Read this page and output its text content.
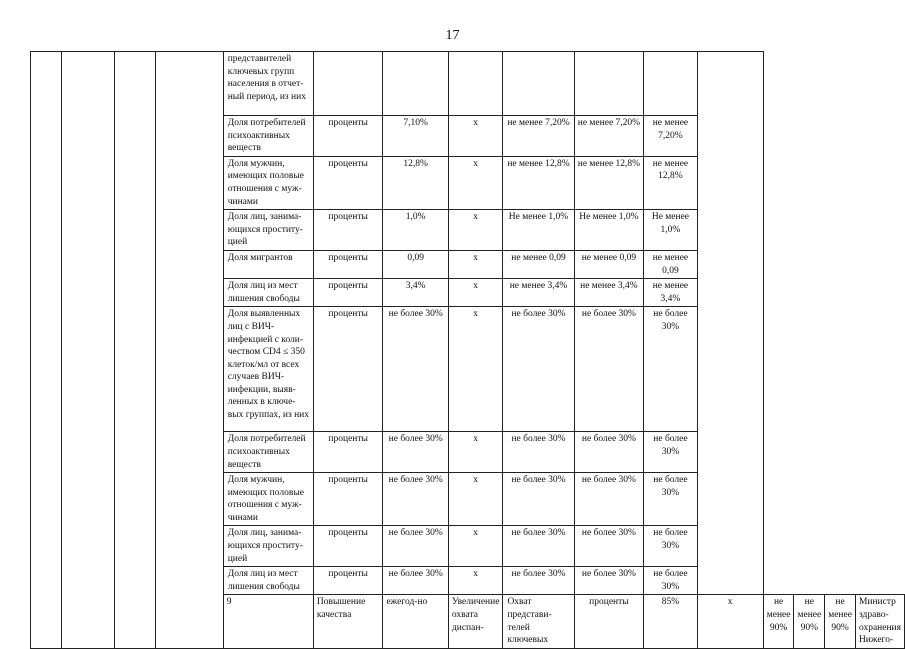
17
				представителей ключевых групп населения в отчет-ный период, из них											
				Доля потребителей психоактивных веществ	проценты	7,10%	x	не менее 7,20%	не менее 7,20%	не менее 7,20%					
				Доля мужчин, имеющих половые отношения с муж-чинами	проценты	12,8%	x	не менее 12,8%	не менее 12,8%	не менее 12,8%					
				Доля лиц, занима-ющихся проститу-цией	проценты	1,0%	x	Не менее 1,0%	Не менее 1,0%	Не менее 1,0%					
				Доля мигрантов	проценты	0,09	x	не менее 0,09	не менее 0,09	не менее 0,09					
				Доля лиц из мест лишения свободы	проценты	3,4%	x	не менее 3,4%	не менее 3,4%	не менее 3,4%					
				Доля выявленных лиц с ВИЧ-инфекцией с коли-чеством CD4 ≤ 350 клеток/мл от всех случаев ВИЧ-инфекции, выяв-ленных в ключе-вых группах, из них	проценты	не более 30%	x	не более 30%	не более 30%	не более 30%					
				Доля потребителей психоактивных веществ	проценты	не более 30%	x	не более 30%	не более 30%	не более 30%					
				Доля мужчин, имеющих половые отношения с муж-чинами	проценты	не более 30%	x	не более 30%	не более 30%	не более 30%					
				Доля лиц, занима-ющихся проститу-цией	проценты	не более 30%	x	не более 30%	не более 30%	не более 30%					
				Доля лиц из мест лишения свободы	проценты	не более 30%	x	не более 30%	не более 30%	не более 30%					
				9	Повышение качества	ежегод-но	Увеличение охвата диспан-	Охват представи-телей ключевых	проценты	85%	x	не менее 90%	не менее 90%	не менее 90%	Министр здраво-охранения Нижего-
